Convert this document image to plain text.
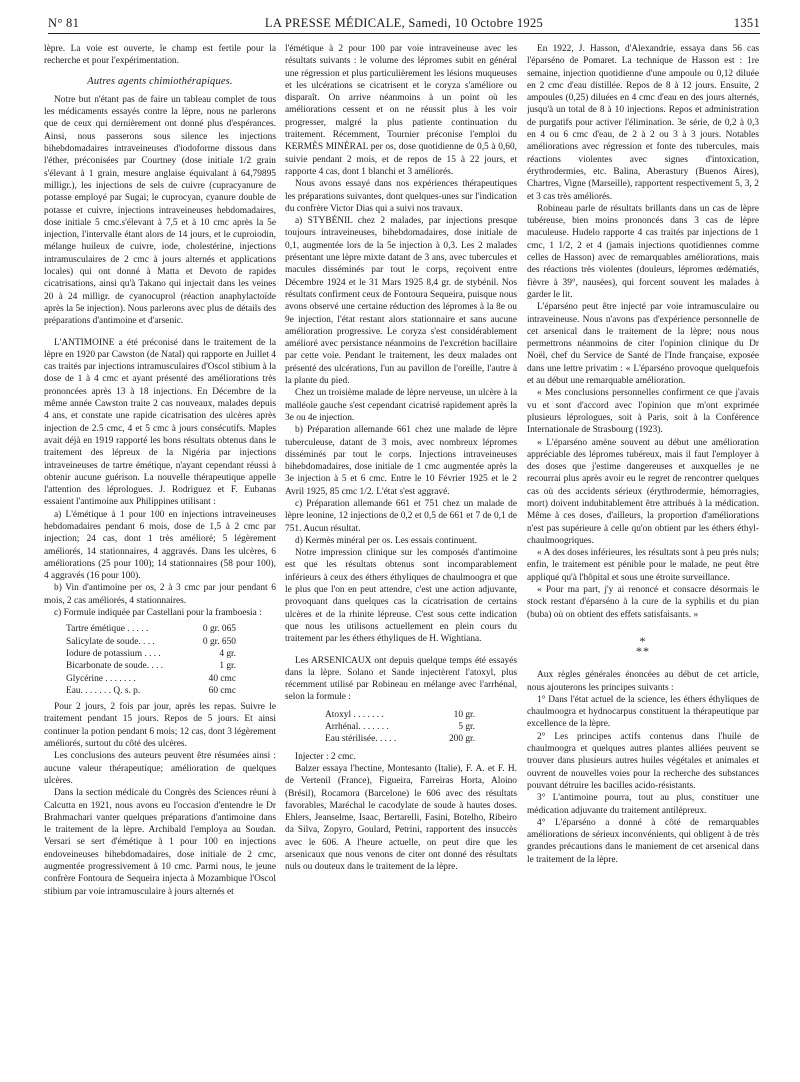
N° 81	LA PRESSE MÉDICALE, Samedi, 10 Octobre 1925	1351

lèpre. La voie est ouverte, le champ est fertile pour la recherche et pour l'expérimentation.

Autres agents chimiothérapiques.

Notre but n'étant pas de faire un tableau complet de tous les médicaments essayés contre la lèpre, nous ne parlerons que de ceux qui dernièrement ont donné plus d'espérances. Ainsi, nous passerons sous silence les injections bihebdomadaires intraveineuses d'iodoforme dissous dans l'éther, préconisées par Courtney (dose initiale 1/2 grain s'élevant à 1 grain, mesure anglaise équivalant à 64,79895 milligr.), les injections de sels de cuivre (cupracyanure de potasse employé par Sugai; le cuprocyan, cyanure double de potasse et cuivre, injections intraveineuses hebdomadaires, dose initiale 5 cmc.s'élevant à 7,5 et à 10 cmc après la 5e injection, l'intervalle étant alors de 14 jours, et le cuproiodin, mélange huileux de cuivre, iode, cholestérine, injections intramusculaires de 2 cmc à jours alternés et applications locales) qui ont donné à Matta et Devoto de rapides cicatrisations, ainsi qu'à Takano qui injectait dans les veines 20 à 24 milligr. de cyanocuprol (réaction anaphylactoïde après la 5e injection). Nous parlerons avec plus de détails des préparations d'antimoine et d'arsenic.

L'ANTIMOINE a été préconisé dans le traitement de la lèpre en 1920 par Cawston (de Natal) qui rapporte en Juillet 4 cas traités par injections intramusculaires d'Oscol stibium à la dose de 1 à 4 cmc et ayant présenté des améliorations très prononcées après 13 à 18 injections. En Décembre de la même année Cawston traite 2 cas nouveaux, malades depuis 4 ans, et constate une rapide cicatrisation des ulcères après injection de 2.5 cmc, 4 et 5 cmc à jours consécutifs. Maples avait déjà en 1919 rapporté les bons résultats obtenus dans le traitement des lépreux de la Nigéria par injections intraveineuses de tartre émétique, n'ayant cependant réussi à obtenir aucune guérison. La nouvelle thérapeutique appelle l'attention des léprologues. J. Rodriguez et F. Eubanas essaient l'antimoine aux Philippines utilisant :

a) L'émétique à 1 pour 100 en injections intraveineuses hebdomadaires pendant 6 mois, dose de 1,5 à 2 cmc par injection; 24 cas, dont 1 très amélioré; 5 légèrement améliorés, 14 stationnaires, 4 aggravés. Dans les ulcères, 6 améliorations (25 pour 100); 14 stationnaires (58 pour 100), 4 aggravés (16 pour 100).

b) Vin d'antimoine per os, 2 à 3 cmc par jour pendant 6 mois, 2 cas améliorés, 4 stationnaires.

c) Formule indiquée par Castellani pour la framboesia :

Tartre émétique . . . . .	0 gr. 065
Salicylate de soude. . . .	0 gr. 650
Iodure de potassium . . . .	4 gr.
Bicarbonate de soude. . . .	1 gr.
Glycérine . . . . . . .	40 cmc
Eau. . . . . . . Q. s. p.	60 cmc

Pour 2 jours, 2 fois par jour, après les repas. Suivre le traitement pendant 15 jours. Repos de 5 jours. Et ainsi continuer la potion pendant 6 mois; 12 cas, dont 3 légèrement améliorés, surtout du côté des ulcères.

Les conclusions des auteurs peuvent être résumées ainsi : aucune valeur thérapeutique; amélioration de quelques ulcères.

Dans la section médicale du Congrès des Sciences réuni à Calcutta en 1921, nous avons eu l'occasion d'entendre le Dr Brahmachari vanter quelques préparations d'antimoine dans le traitement de la lèpre. Archibald l'employa au Soudan. Versari se sert d'émétique à 1 pour 100 en injections endoveineuses bihebdomadaires, dose initiale de 2 cmc, augmentée progressivement à 10 cmc. Parmi nous, le jeune confrère Fontoura de Sequeira injecta à Mozambique l'Oscol stibium par voie intramusculaire à jours alternés et

l'émétique à 2 pour 100 par voie intraveineuse avec les résultats suivants : le volume des lépromes subit en général une régression et plus particulièrement les lésions muqueuses et les ulcérations se cicatrisent et le coryza s'améliore ou disparaît. On arrive néanmoins à un point où les améliorations cessent et on ne réussit plus à les voir progresser, malgré la plus patiente continuation du traitement. Récemment, Tournier préconise l'emploi du KERMÈS MINÉRAL per os, dose quotidienne de 0,5 à 0,60, suivie pendant 2 mois, et de repos de 15 à 22 jours, et rapporte 4 cas, dont 1 blanchi et 3 améliorés.

Nous avons essayé dans nos expériences thérapeutiques les préparations suivantes, dont quelques-unes sur l'indication du confrère Victor Dias qui a suivi nos travaux.

a) STYBÉNIL chez 2 malades, par injections presque toujours intraveineuses, bihebdomadaires, dose initiale de 0,1, augmentée lors de la 5e injection à 0,3. Les 2 malades présentant une lèpre mixte datant de 3 ans, avec tubercules et macules disséminés par tout le corps, reçoivent entre Décembre 1924 et le 31 Mars 1925 8,4 gr. de stybénil. Nos résultats confirment ceux de Fontoura Sequeira, puisque nous avons observé une certaine réduction des lépromes à la 8e ou 9e injection, l'état restant alors stationnaire et sans aucune amélioration progressive. Le coryza s'est considérablement amélioré avec persistance néanmoins de l'excrétion bacillaire par cette voie. Pendant le traitement, les deux malades ont présenté des ulcérations, l'un au pavillon de l'oreille, l'autre à la plante du pied.

Chez un troisième malade de lèpre nerveuse, un ulcère à la malléole gauche s'est cependant cicatrisé rapidement après la 3e ou 4e injection.

b) Préparation allemande 661 chez une malade de lèpre tuberculeuse, datant de 3 mois, avec nombreux lépromes disséminés par tout le corps. Injections intraveineuses bihebdomadaires, dose initiale de 1 cmc augmentée après la 3e injection à 5 et 6 cmc. Entre le 10 Février 1925 et le 2 Avril 1925, 85 cmc 1/2. L'état s'est aggravé.

c) Préparation allemande 661 et 751 chez un malade de lèpre leonine, 12 injections de 0,2 et 0,5 de 661 et 7 de 0,1 de 751. Aucun résultat.

d) Kermès minéral per os. Les essais continuent.

Notre impression clinique sur les composés d'antimoine est que les résultats obtenus sont incomparablement inférieurs à ceux des éthers éthyliques de chaulmoogra et que le plus que l'on en peut attendre, c'est une action adjuvante, provoquant dans quelques cas la cicatrisation de certains ulcères et de la rhinite lépreuse. C'est sous cette indication que nous les utilisons actuellement en plein cours du traitement par les éthers éthyliques de H. Wightiana.

Les ARSENICAUX ont depuis quelque temps été essayés dans la lèpre. Solano et Sande injectèrent l'atoxyl, plus récemment utilisé par Robineau en mélange avec l'arrhénal, selon la formule :

Atoxyl . . . . . . .	10 gr.
Arrhénal. . . . . . .	5 gr.
Eau stérilisée. . . . .	200 gr.

Injecter : 2 cmc.

Balzer essaya l'hectine, Montesanto (Italie), F. A. et F. H. de Vertenil (France), Figueira, Farreiras Horta, Aloino (Brésil), Rocamora (Barcelone) le 606 avec des résultats favorables, Maréchal le cacodylate de soude à hautes doses. Ehlers, Jeanselme, Isaac, Bertarelli, Fasini, Botelho, Ribeiro da Silva, Zopyro, Goulard, Petrini, rapportent des insuccès avec le 606. A l'heure actuelle, on peut dire que les arsenicaux que nous venons de citer ont donné des résultats nuls ou douteux dans le traitement de la lèpre.

En 1922, J. Hasson, d'Alexandrie, essaya dans 56 cas l'éparséno de Pomaret. La technique de Hasson est : 1re semaine, injection quotidienne d'une ampoule ou 0,12 diluée en 2 cmc d'eau distillée. Repos de 8 à 12 jours. Ensuite, 2 ampoules (0,25) diluées en 4 cmc d'eau en des jours alternés, jusqu'à un total de 8 à 10 injections. Repos et administration de purgatifs pour activer l'élimination. 3e série, de 0,2 à 0,3 en 4 ou 6 cmc d'eau, de 2 à 2 ou 3 à 3 jours. Notables améliorations avec régression et fonte des tubercules, mais réactions violentes avec signes d'intoxication, érythrodermies, etc. Balina, Aberastury (Buenos Aires), Chartres, Vigne (Marseille), rapportent respectivement 5, 3, 2 et 3 cas très améliorés.

Robineau parle de résultats brillants dans un cas de lèpre tubéreuse, bien moins prononcés dans 3 cas de lèpre maculeuse. Hudelo rapporte 4 cas traités par injections de 1 cmc, 1 1/2, 2 et 4 (jamais injections quotidiennes comme celles de Hasson) avec de remarquables améliorations, mais des réactions très violentes (douleurs, lépromes œdématiés, fièvre à 39°, nausées), qui forcent souvent les malades à garder le lit.

L'éparséno peut être injecté par voie intramusculaire ou intraveineuse. Nous n'avons pas d'expérience personnelle de cet arsenical dans le traitement de la lèpre; nous nous permettrons néanmoins de citer l'opinion clinique du Dr Noël, chef du Service de Santé de l'Inde française, exposée dans une lettre privatim : « L'éparséno provoque quelquefois et au début une remarquable amélioration.

« Mes conclusions personnelles confirment ce que j'avais vu et sont d'accord avec l'opinion que m'ont exprimée plusieurs léprologues, soit à Paris, soit à la Conférence Internationale de Strasbourg (1923).

« L'éparséno amène souvent au début une amélioration appréciable des lépromes tubéreux, mais il faut l'employer à des doses que j'estime dangereuses et auxquelles je ne recourrai plus après avoir eu le regret de rencontrer quelques cas où des accidents sérieux (érythrodermie, hémorragies, mort) doivent indubitablement être attribués à la médication. Même à ces doses, d'ailleurs, la proportion d'améliorations n'est pas supérieure à celle qu'on obtient par les éthers éthyl-chaulmoogriques.

« A des doses inférieures, les résultats sont à peu près nuls; enfin, le traitement est pénible pour le malade, ne peut être appliqué qu'à l'hôpital et sous une étroite surveillance.

« Pour ma part, j'y ai renoncé et consacre désormais le stock restant d'éparséno à la cure de la syphilis et du pian (buba) où on obtient des effets satisfaisants. »

*
**

Aux règles générales énoncées au début de cet article, nous ajouterons les principes suivants :

1° Dans l'état actuel de la science, les éthers éthyliques de chaulmoogra et hydnocarpus constituent la thérapeutique par excellence de la lèpre.

2° Les principes actifs contenus dans l'huile de chaulmoogra et quelques autres plantes alliées peuvent se trouver dans plusieurs autres huiles végétales et animales et ouvrent de nouvelles voies pour la recherche des substances pouvant détruire les bacilles acido-résistants.

3° L'antimoine pourra, tout au plus, constituer une médication adjuvante du traitement antilépreux.

4° L'éparséno a donné à côté de remarquables améliorations de sérieux inconvénients, qui obligent à de très grandes précautions dans le maniement de cet arsenical dans le traitement de la lèpre.
